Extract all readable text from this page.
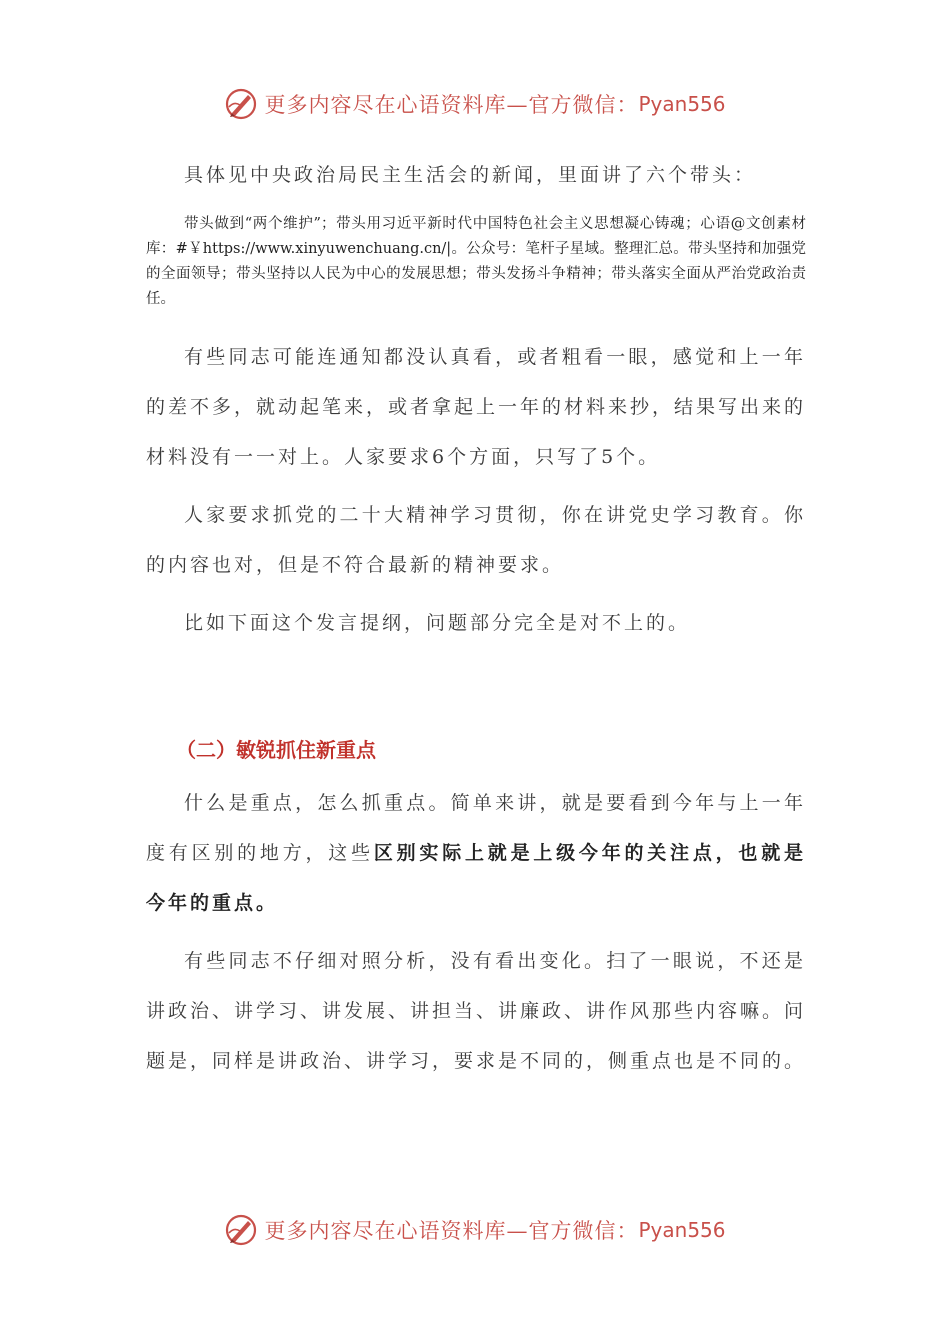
更多内容尽在心语资料库—官方微信： Pyan556

具体见中央政治局民主生活会的新闻，里面讲了六个带头：

带头做到“两个维护”；带头用习近平新时代中国特色社会主义思想凝心铸魂；心语@文创素材库：#￥https://www.xinyuwenchuang.cn/|。公众号：笔杆子星域。整理汇总。带头坚持和加强党的全面领导；带头坚持以人民为中心的发展思想；带头发扬斗争精神；带头落实全面从严治党政治责任。

有些同志可能连通知都没认真看，或者粗看一眼，感觉和上一年的差不多，就动起笔来，或者拿起上一年的材料来抄，结果写出来的材料没有一一对上。人家要求6个方面，只写了5个。

人家要求抓党的二十大精神学习贯彻，你在讲党史学习教育。你的内容也对，但是不符合最新的精神要求。

比如下面这个发言提纲，问题部分完全是对不上的。

（二）敏锐抓住新重点

什么是重点，怎么抓重点。简单来讲，就是要看到今年与上一年度有区别的地方，这些区别实际上就是上级今年的关注点，也就是今年的重点。

有些同志不仔细对照分析，没有看出变化。扫了一眼说，不还是讲政治、讲学习、讲发展、讲担当、讲廉政、讲作风那些内容嘛。问题是，同样是讲政治、讲学习，要求是不同的，侧重点也是不同的。

更多内容尽在心语资料库—官方微信： Pyan556
